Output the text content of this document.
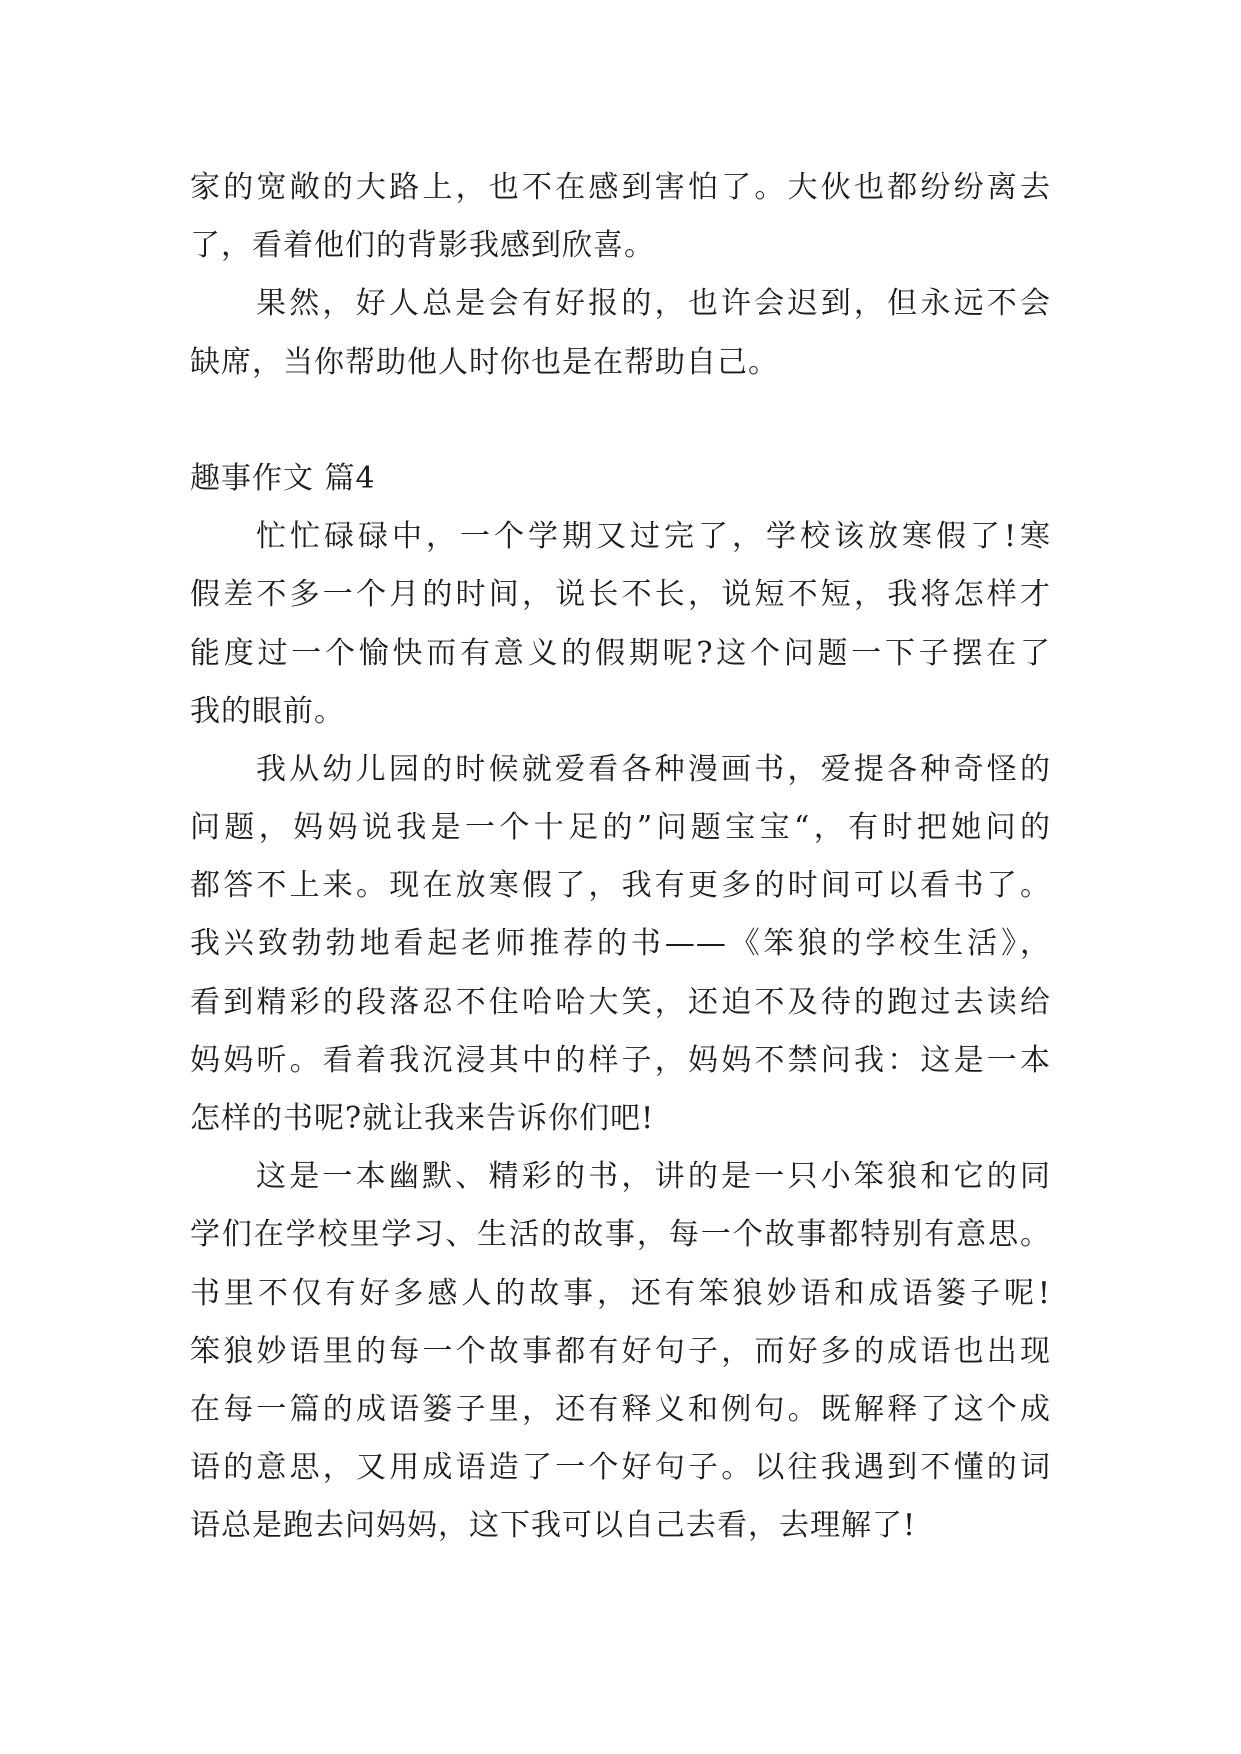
家的宽敞的大路上，也不在感到害怕了。大伙也都纷纷离去
了，看着他们的背影我感到欣喜。
果然，好人总是会有好报的，也许会迟到，但永远不会
缺席，当你帮助他人时你也是在帮助自己。
趣事作文 篇4
忙忙碌碌中，一个学期又过完了，学校该放寒假了!寒
假差不多一个月的时间，说长不长，说短不短，我将怎样才
能度过一个愉快而有意义的假期呢?这个问题一下子摆在了
我的眼前。
我从幼儿园的时候就爱看各种漫画书，爱提各种奇怪的
问题，妈妈说我是一个十足的”问题宝宝“，有时把她问的
都答不上来。现在放寒假了，我有更多的时间可以看书了。
我兴致勃勃地看起老师推荐的书——《笨狼的学校生活》，
看到精彩的段落忍不住哈哈大笑，还迫不及待的跑过去读给
妈妈听。看着我沉浸其中的样子，妈妈不禁问我：这是一本
怎样的书呢?就让我来告诉你们吧!
这是一本幽默、精彩的书，讲的是一只小笨狼和它的同
学们在学校里学习、生活的故事，每一个故事都特别有意思。
书里不仅有好多感人的故事，还有笨狼妙语和成语篓子呢!
笨狼妙语里的每一个故事都有好句子，而好多的成语也出现
在每一篇的成语篓子里，还有释义和例句。既解释了这个成
语的意思，又用成语造了一个好句子。以往我遇到不懂的词
语总是跑去问妈妈，这下我可以自己去看，去理解了!
